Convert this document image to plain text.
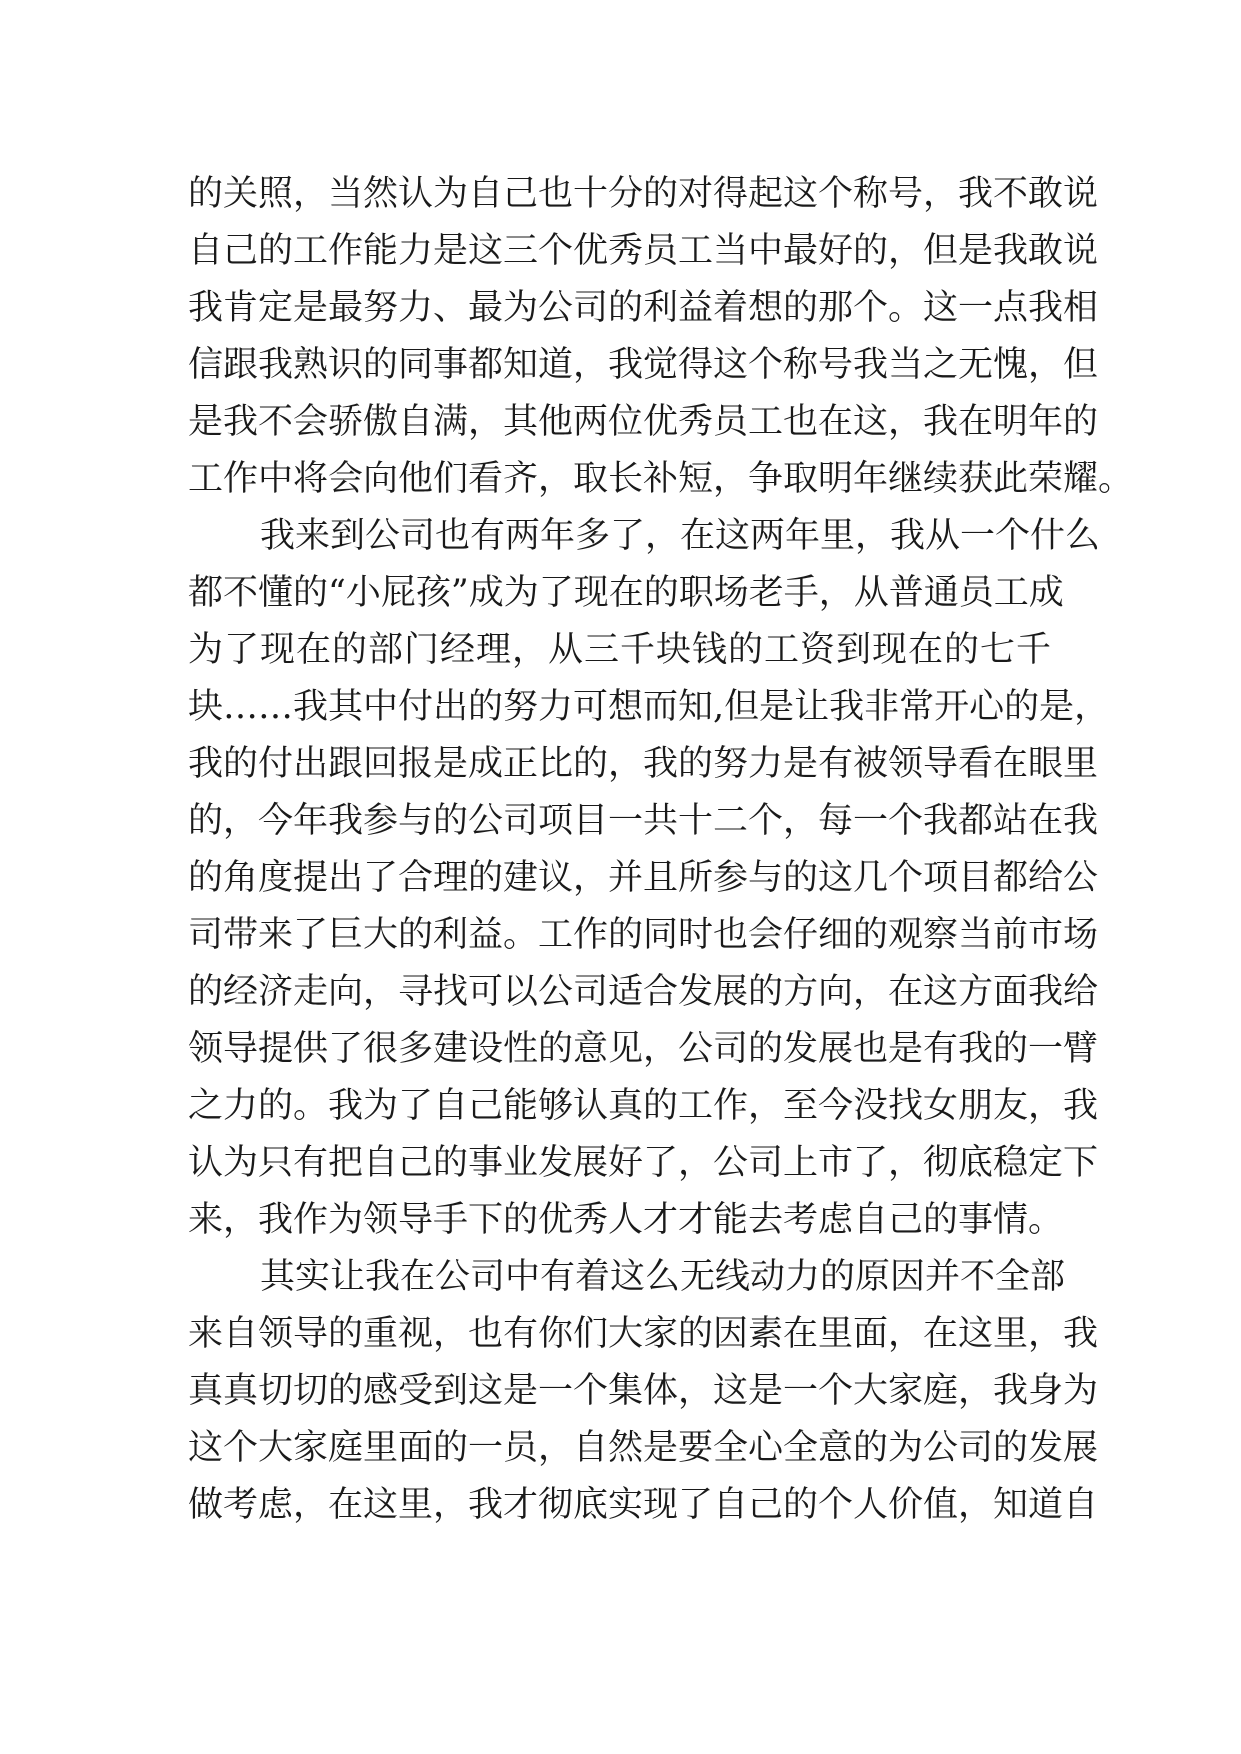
的关照，当然认为自己也十分的对得起这个称号，我不敢说
自己的工作能力是这三个优秀员工当中最好的，但是我敢说
我肯定是最努力、最为公司的利益着想的那个。这一点我相
信跟我熟识的同事都知道，我觉得这个称号我当之无愧，但
是我不会骄傲自满，其他两位优秀员工也在这，我在明年的
工作中将会向他们看齐，取长补短，争取明年继续获此荣耀。
我来到公司也有两年多了，在这两年里，我从一个什么
都不懂的“小屁孩”成为了现在的职场老手，从普通员工成
为了现在的部门经理，从三千块钱的工资到现在的七千
块……我其中付出的努力可想而知,但是让我非常开心的是，
我的付出跟回报是成正比的，我的努力是有被领导看在眼里
的，今年我参与的公司项目一共十二个，每一个我都站在我
的角度提出了合理的建议，并且所参与的这几个项目都给公
司带来了巨大的利益。工作的同时也会仔细的观察当前市场
的经济走向，寻找可以公司适合发展的方向，在这方面我给
领导提供了很多建设性的意见，公司的发展也是有我的一臂
之力的。我为了自己能够认真的工作，至今没找女朋友，我
认为只有把自己的事业发展好了，公司上市了，彻底稳定下
来，我作为领导手下的优秀人才才能去考虑自己的事情。
其实让我在公司中有着这么无线动力的原因并不全部
来自领导的重视，也有你们大家的因素在里面，在这里，我
真真切切的感受到这是一个集体，这是一个大家庭，我身为
这个大家庭里面的一员，自然是要全心全意的为公司的发展
做考虑，在这里，我才彻底实现了自己的个人价值，知道自
